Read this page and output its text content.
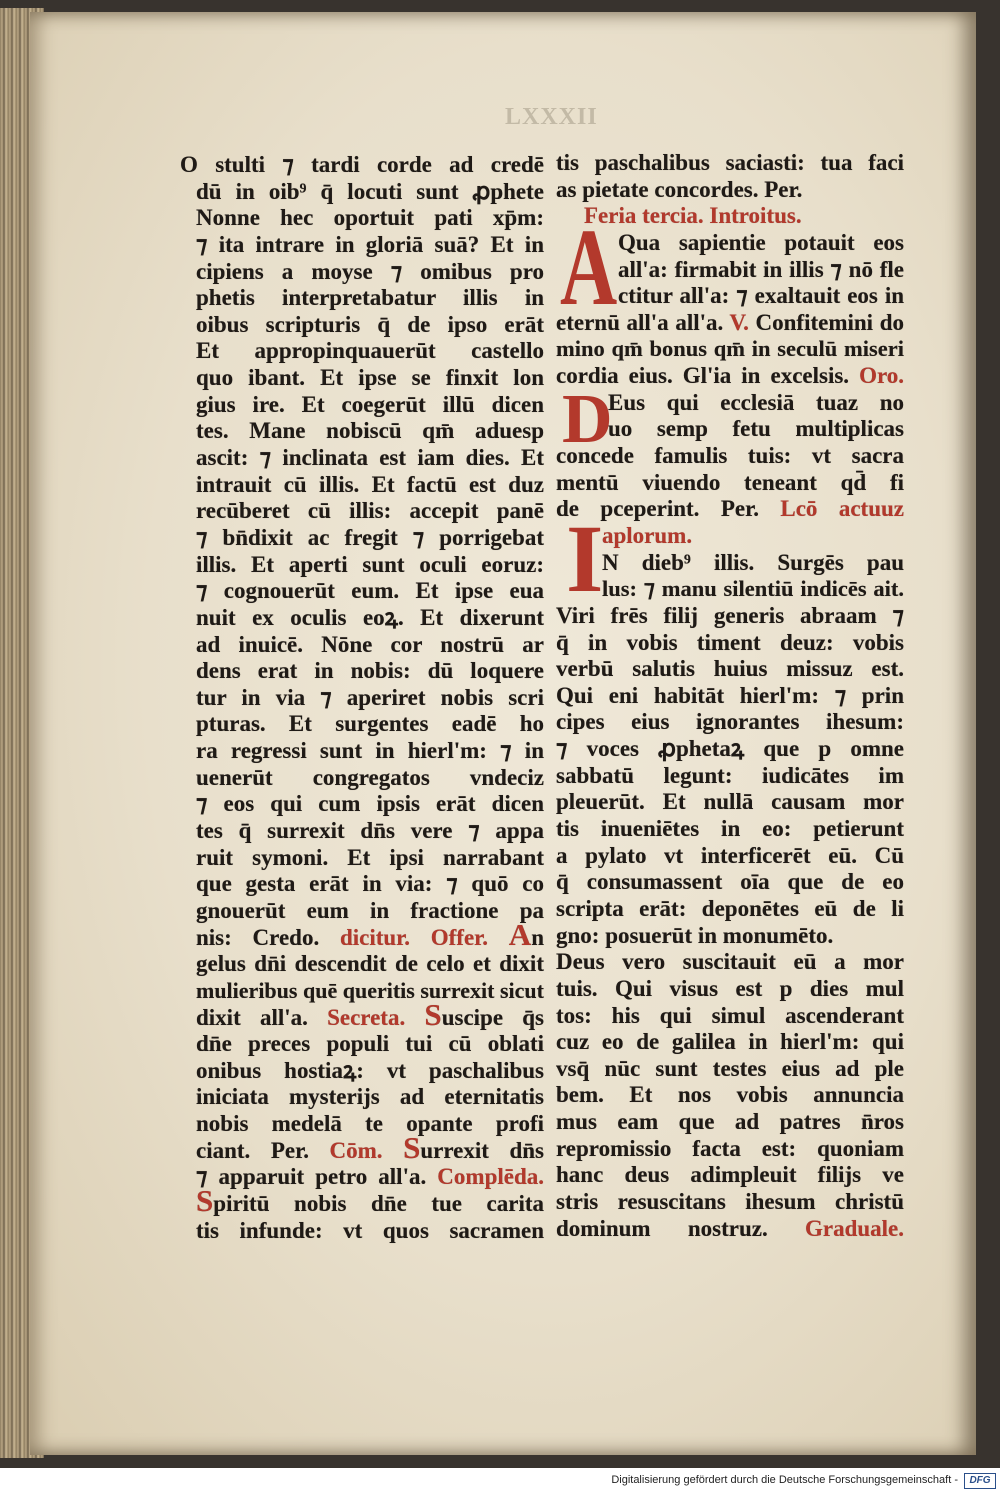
LXXXII
O stulti ⁊ tardi corde ad credē
dū in oib⁹ q̄ locuti sunt ꝓphete
Nonne hec oportuit pati xp̄m:
⁊ ita intrare in gloriā suā? Et in
cipiens a moyse ⁊ omibus pro
phetis interpretabatur illis in
oibus scripturis q̄ de ipso erāt
Et appropinquauerūt castello
quo ibant. Et ipse se finxit lon
gius ire. Et coegerūt illū dicen
tes. Mane nobiscū qm̄ aduesp
ascit: ⁊ inclinata est iam dies. Et
intrauit cū illis. Et factū est duz
recūberet cū illis: accepit panē
⁊ bn̄dixit ac fregit ⁊ porrigebat
illis. Et aperti sunt oculi eoruz:
⁊ cognouerūt eum. Et ipse eua
nuit ex oculis eoꝝ. Et dixerunt
ad inuicē. Nōne cor nostrū ar
dens erat in nobis: dū loquere
tur in via ⁊ aperiret nobis scri
pturas. Et surgentes eadē ho
ra regressi sunt in hierl'm: ⁊ in
uenerūt congregatos vndeciz
⁊ eos qui cum ipsis erāt dicen
tes q̄ surrexit dn̄s vere ⁊ appa
ruit symoni. Et ipsi narrabant
que gesta erāt in via: ⁊ quō co
gnouerūt eum in fractione pa
nis: Credo. dicitur. Offer. An
gelus dn̄i descendit de celo et dixit
mulieribus quē queritis surrexit sicut
dixit all'a. Secreta. Suscipe q̄s
dn̄e preces populi tui cū oblati
onibus hostiaꝝ: vt paschalibus
iniciata mysterijs ad eternitatis
nobis medelā te opante profi
ciant. Per. Cōm. Surrexit dn̄s
⁊ apparuit petro all'a. Complēda.
Spiritū nobis dn̄e tue carita
tis infunde: vt quos sacramen
A
D
I
tis paschalibus saciasti: tua faci
as pietate concordes. Per.
Feria tercia. Introitus.
Qua sapientie potauit eos
all'a: firmabit in illis ⁊ nō fle
ctitur all'a: ⁊ exaltauit eos in
eternū all'a all'a. V. Confitemini do
mino qm̄ bonus qm̄ in seculū miseri
cordia eius. Gl'ia in excelsis. Oro.
Eus qui ecclesiā tuaz no
uo semp fetu multiplicas
concede famulis tuis: vt sacra
mentū viuendo teneant qd̄ fi
de pceperint. Per. Lcō actuuz
aplorum.
N dieb⁹ illis. Surgēs pau
lus: ⁊ manu silentiū indicēs ait.
Viri frēs filij generis abraam ⁊
q̄ in vobis timent deuz: vobis
verbū salutis huius missuz est.
Qui eni habitāt hierl'm: ⁊ prin
cipes eius ignorantes ihesum:
⁊ voces ꝓphetaꝝ que p omne
sabbatū legunt: iudicātes im
pleuerūt. Et nullā causam mor
tis inueniētes in eo: petierunt
a pylato vt interficerēt eū. Cū
q̄ consumassent oīa que de eo
scripta erāt: deponētes eū de li
gno: posuerūt in monumēto.
Deus vero suscitauit eū a mor
tuis. Qui visus est p dies mul
tos: his qui simul ascenderant
cuz eo de galilea in hierl'm: qui
vsq̄ nūc sunt testes eius ad ple
bem. Et nos vobis annuncia
mus eam que ad patres n̄ros
repromissio facta est: quoniam
hanc deus adimpleuit filijs ve
stris resuscitans ihesum christū
dominum nostruz. Graduale.
Digitalisierung gefördert durch die Deutsche Forschungsgemeinschaft -	DFG
